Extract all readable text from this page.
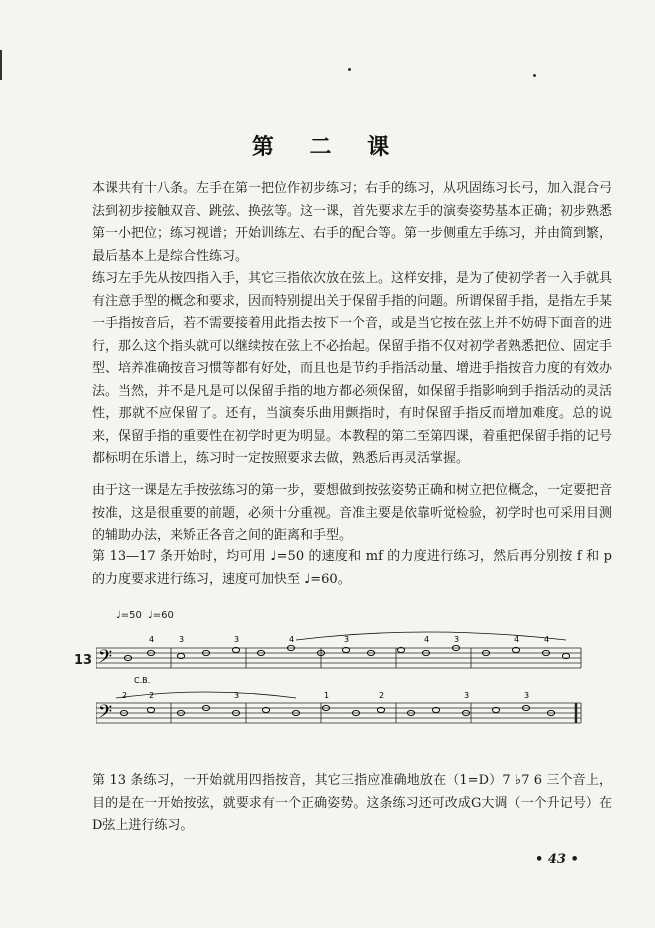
第 二 课

本课共有十八条。左手在第一把位作初步练习；右手的练习，从巩固练习长弓，加入混合弓法到初步接触双音、跳弦、换弦等。这一课，首先要求左手的演奏姿势基本正确；初步熟悉第一小把位；练习视谱；开始训练左、右手的配合等。第一步侧重左手练习，并由简到繁，最后基本上是综合性练习。

练习左手先从按四指入手，其它三指依次放在弦上。这样安排，是为了使初学者一入手就具有注意手型的概念和要求，因而特别提出关于保留手指的问题。所谓保留手指，是指左手某一手指按音后，若不需要接着用此指去按下一个音，或是当它按在弦上并不妨碍下面音的进行，那么这个指头就可以继续按在弦上不必抬起。保留手指不仅对初学者熟悉把位、固定手型、培养准确按音习惯等都有好处，而且也是节约手指活动量、增进手指按音力度的有效办法。当然，并不是凡是可以保留手指的地方都必须保留，如保留手指影响到手指活动的灵活性，那就不应保留了。还有，当演奏乐曲用颤指时，有时保留手指反而增加难度。总的说来，保留手指的重要性在初学时更为明显。本教程的第二至第四课，着重把保留手指的记号都标明在乐谱上，练习时一定按照要求去做，熟悉后再灵活掌握。

由于这一课是左手按弦练习的第一步，要想做到按弦姿势正确和树立把位概念，一定要把音按准，这是很重要的前题，必须十分重视。音准主要是依靠听觉检验，初学时也可采用目测的辅助办法，来矫正各音之间的距离和手型。

第 13—17 条开始时，均可用 ♩=50 的速度和 mf 的力度进行练习，然后再分别按 f 和 p 的力度要求进行练习，速度可加快至 ♩=60。

♩=50 ♩=60
13 𝄢
𝄢
C.B.
4	3	3	4	3	4	3	4	4
2	2	3	1	2	3	3

第 13 条练习，一开始就用四指按音，其它三指应准确地放在（1=D）7 ♭7 6 三个音上，目的是在一开始按弦，就要求有一个正确姿势。这条练习还可改成G大调（一个升记号）在D弦上进行练习。

• 43 •
